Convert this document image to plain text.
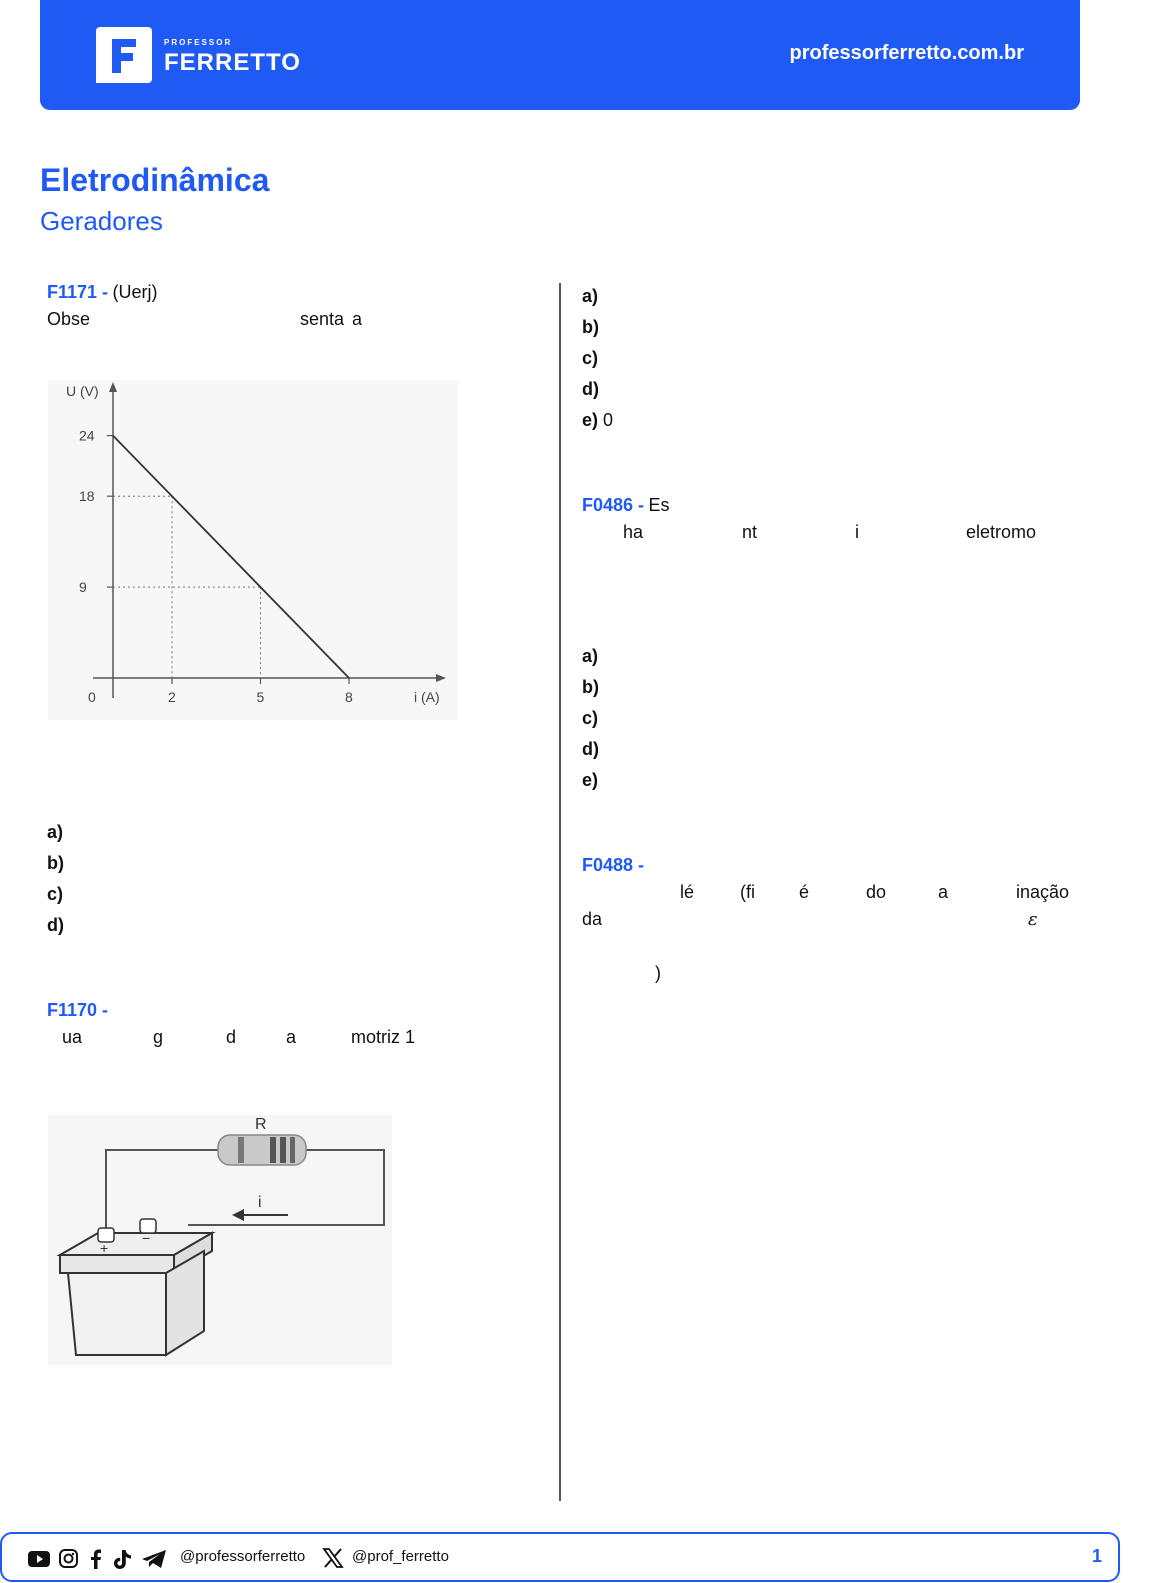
PROFESSOR
FERRETTO	professorferretto.com.br
Eletrodinâmica
Geradores
F1171 - (Uerj)
Obse	senta a
U (V)
i (A)
0
24
18
9
2	5	8
a)
b)
c)
d)
F1170 -
ua	g	d	a	motriz 1
R
i
+
−
a)
b)
c)
d)
e) 0
F0486 - Es
ha	nt	i	eletromo
a)
b)
c)
d)
e)
F0488 -
lé	(fi é	do	a	inação
da	ε
)
@professorferretto	@prof_ferretto	1
